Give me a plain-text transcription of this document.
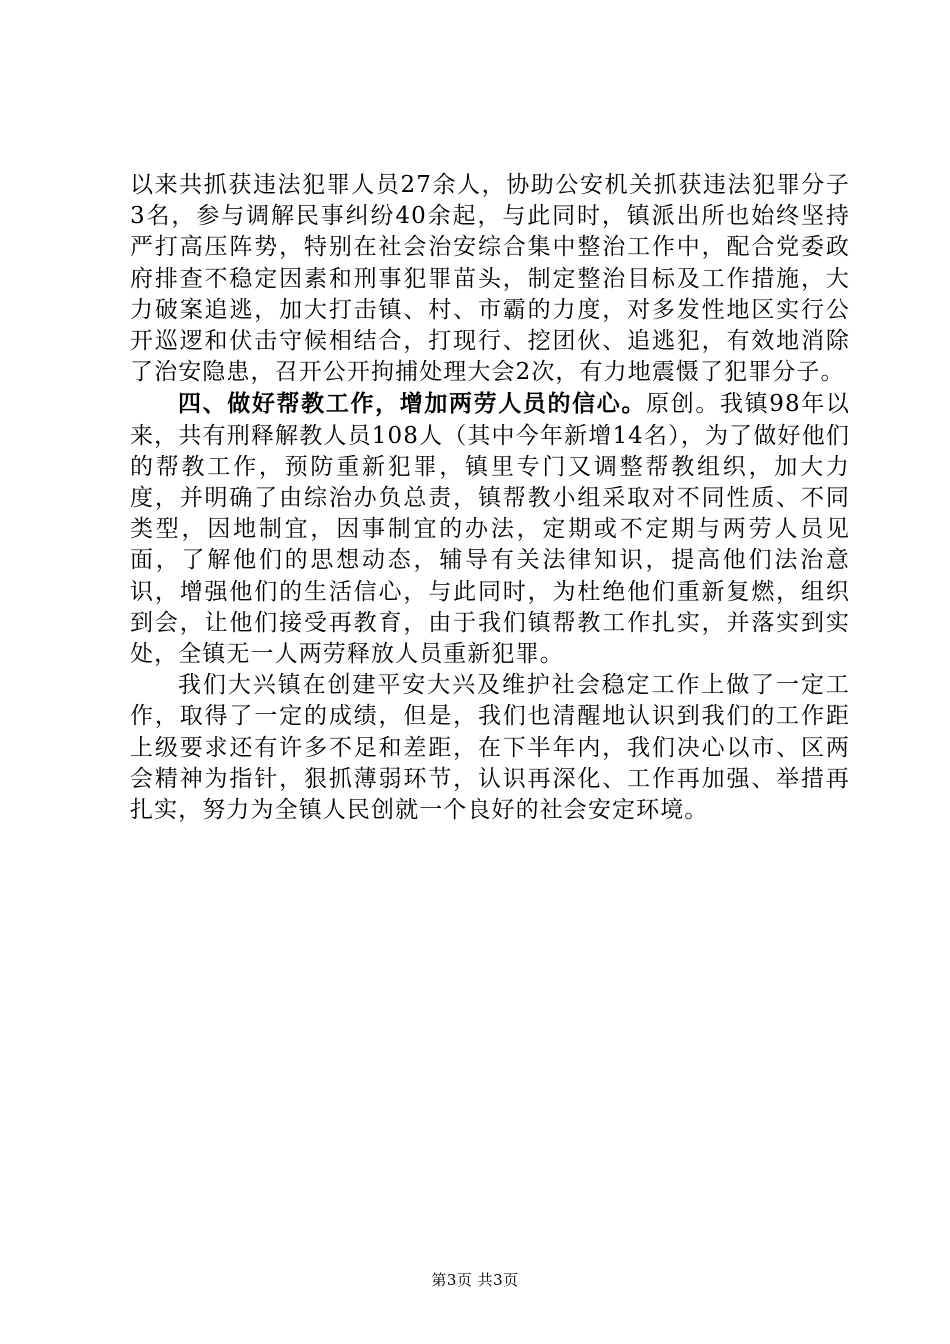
以来共抓获违法犯罪人员27余人，协助公安机关抓获违法犯罪分子3名，参与调解民事纠纷40余起，与此同时，镇派出所也始终坚持严打高压阵势，特别在社会治安综合集中整治工作中，配合党委政府排查不稳定因素和刑事犯罪苗头，制定整治目标及工作措施，大力破案追逃，加大打击镇、村、市霸的力度，对多发性地区实行公开巡逻和伏击守候相结合，打现行、挖团伙、追逃犯，有效地消除了治安隐患，召开公开拘捕处理大会2次，有力地震慑了犯罪分子。

四、做好帮教工作，增加两劳人员的信心。原创。我镇98年以来，共有刑释解教人员108人（其中今年新增14名），为了做好他们的帮教工作，预防重新犯罪，镇里专门又调整帮教组织，加大力度，并明确了由综治办负总责，镇帮教小组采取对不同性质、不同类型，因地制宜，因事制宜的办法，定期或不定期与两劳人员见面，了解他们的思想动态，辅导有关法律知识，提高他们法治意识，增强他们的生活信心，与此同时，为杜绝他们重新复燃，组织到会，让他们接受再教育，由于我们镇帮教工作扎实，并落实到实处，全镇无一人两劳释放人员重新犯罪。

我们大兴镇在创建平安大兴及维护社会稳定工作上做了一定工作，取得了一定的成绩，但是，我们也清醒地认识到我们的工作距上级要求还有许多不足和差距，在下半年内，我们决心以市、区两会精神为指针，狠抓薄弱环节，认识再深化、工作再加强、举措再扎实，努力为全镇人民创就一个良好的社会安定环境。

第3页 共3页
